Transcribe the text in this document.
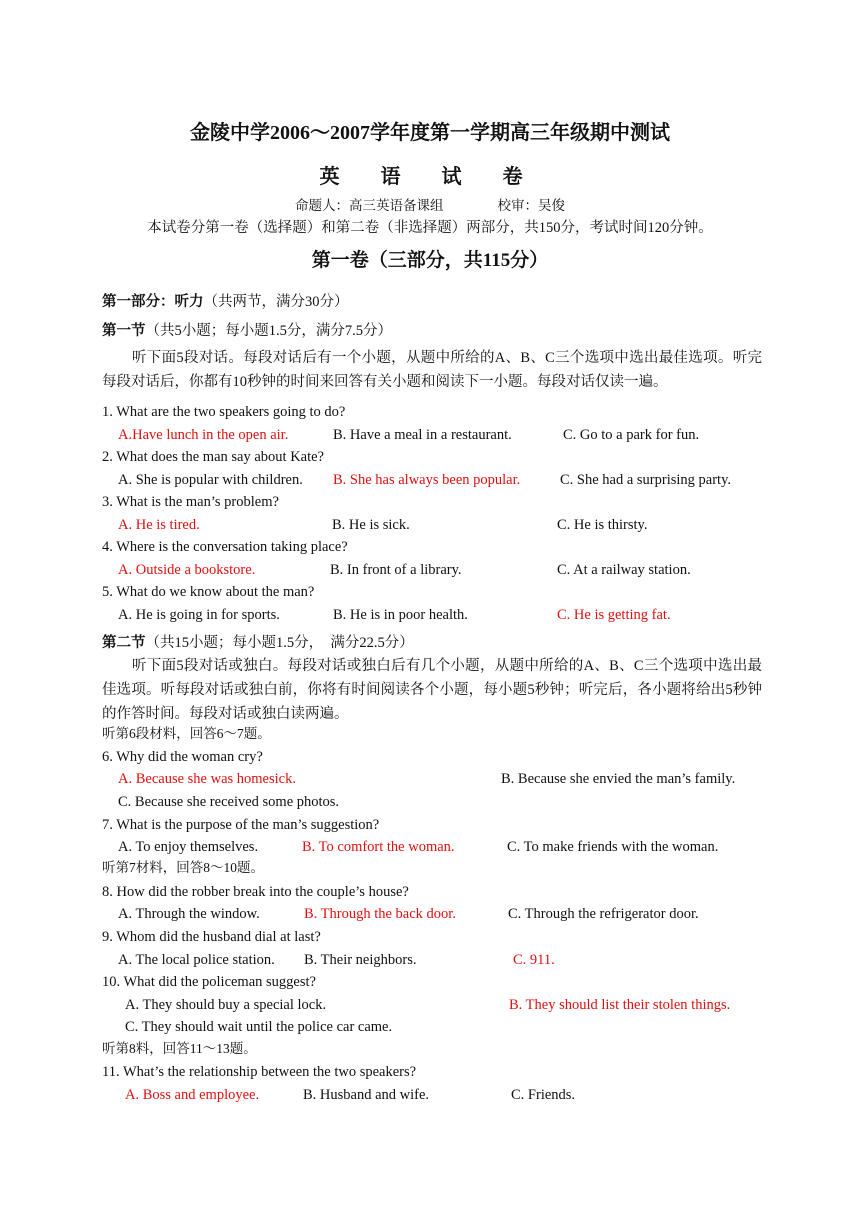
金陵中学2006～2007学年度第一学期高三年级期中测试
英 语 试 卷
命题人：高三英语备课组                校审：吴俊
本试卷分第一卷（选择题）和第二卷（非选择题）两部分，共150分，考试时间120分钟。
第一卷（三部分，共115分）
第一部分：听力（共两节，满分30分）
第一节（共5小题；每小题1.5分，满分7.5分）

听下面5段对话。每段对话后有一个小题，从题中所给的A、B、C三个选项中选出最佳选项。听完每段对话后，你都有10秒钟的时间来回答有关小题和阅读下一小题。每段对话仅读一遍。

1. What are the two speakers going to do?
A.Have lunch in the open air.	B. Have a meal in a restaurant.	C. Go to a park for fun.
2. What does the man say about Kate?
A. She is popular with children. B. She has always been popular.	C. She had a surprising party.
3. What is the man’s problem?
A. He is tired.	B. He is sick.	C. He is thirsty.
4. Where is the conversation taking place?
A. Outside a bookstore.	B. In front of a library.	C. At a railway station.
5. What do we know about the man?
A. He is going in for sports.	B. He is in poor health.	C. He is getting fat.
第二节（共15小题；每小题1.5分，  满分22.5分）

听下面5段对话或独白。每段对话或独白后有几个小题，从题中所给的A、B、C三个选项中选出最佳选项。听每段对话或独白前，你将有时间阅读各个小题，每小题5秒钟；听完后，各小题将给出5秒钟的作答时间。每段对话或独白读两遍。

听第6段材料，回答6～7题。
6. Why did the woman cry?
A. Because she was homesick.	B. Because she envied the man’s family.
C. Because she received some photos.
7. What is the purpose of the man’s suggestion?
A. To enjoy themselves.	B. To comfort the woman.	C. To make friends with the woman.
听第7材料，回答8～10题。
8. How did the robber break into the couple’s house?
A. Through the window.	B. Through the back door.	C. Through the refrigerator door.
9. Whom did the husband dial at last?
A. The local police station. B. Their neighbors.	C. 911.
10. What did the policeman suggest?
A. They should buy a special lock.	B. They should list their stolen things.
C. They should wait until the police car came.
听第8料，回答11～13题。
11. What’s the relationship between the two speakers?
A. Boss and employee.	B. Husband and wife.	C. Friends.
